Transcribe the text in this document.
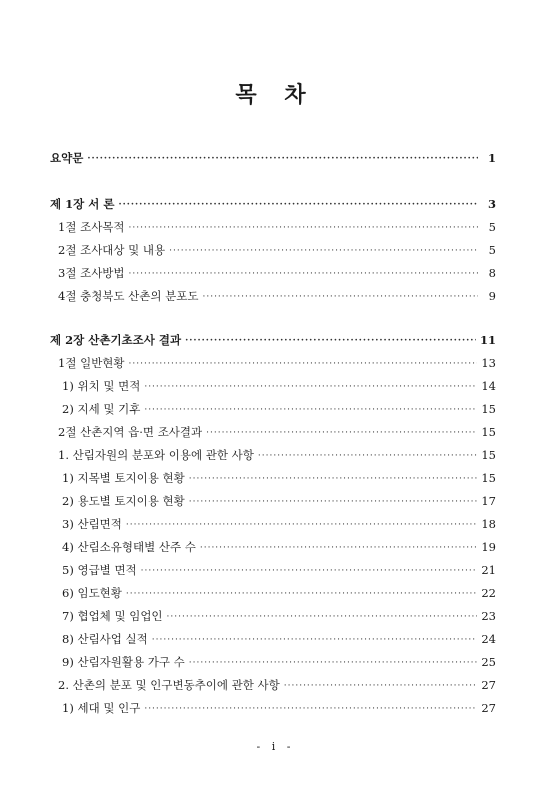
목 차
요약문 ·····	1
제 1장 서 론 ·····	3
1절 조사목적 ·····	5
2절 조사대상 및 내용 ·····	5
3절 조사방법 ·····	8
4절 충청북도 산촌의 분포도 ·····	9
제 2장 산촌기초조사 결과 ·····	11
1절 일반현황 ·····	13
1) 위치 및 면적 ·····	14
2) 지세 및 기후 ·····	15
2절 산촌지역 읍·면 조사결과 ·····	15
1. 산림자원의 분포와 이용에 관한 사항 ·····	15
1) 지목별 토지이용 현황 ·····	15
2) 용도별 토지이용 현황 ·····	17
3) 산림면적 ·····	18
4) 산림소유형태별 산주 수 ·····	19
5) 영급별 면적 ·····	21
6) 임도현황 ·····	22
7) 협업체 및 임업인 ·····	23
8) 산림사업 실적 ·····	24
9) 산림자원활용 가구 수 ·····	25
2. 산촌의 분포 및 인구변동추이에 관한 사항 ·····	27
1) 세대 및 인구 ·····	27
- i -
